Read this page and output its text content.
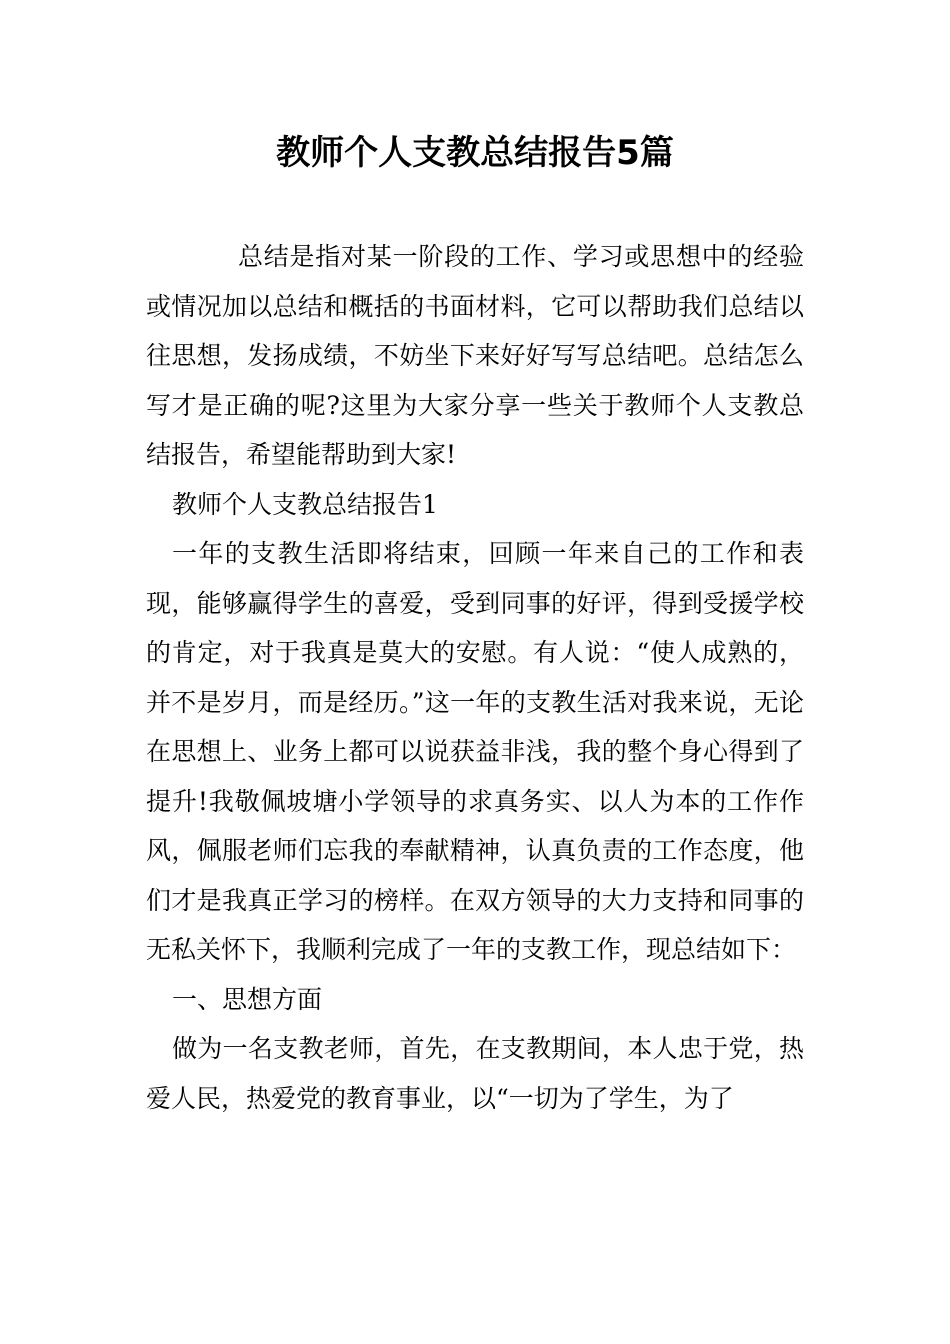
教师个人支教总结报告5篇

总结是指对某一阶段的工作、学习或思想中的经验或情况加以总结和概括的书面材料，它可以帮助我们总结以往思想，发扬成绩，不妨坐下来好好写写总结吧。总结怎么写才是正确的呢?这里为大家分享一些关于教师个人支教总结报告，希望能帮助到大家!

教师个人支教总结报告1

一年的支教生活即将结束，回顾一年来自己的工作和表现，能够赢得学生的喜爱，受到同事的好评，得到受援学校的肯定，对于我真是莫大的安慰。有人说：“使人成熟的，并不是岁月，而是经历。”这一年的支教生活对我来说，无论在思想上、业务上都可以说获益非浅，我的整个身心得到了提升!我敬佩坡塘小学领导的求真务实、以人为本的工作作风，佩服老师们忘我的奉献精神，认真负责的工作态度，他们才是我真正学习的榜样。在双方领导的大力支持和同事的无私关怀下，我顺利完成了一年的支教工作，现总结如下：

一、思想方面

做为一名支教老师，首先，在支教期间，本人忠于党，热爱人民，热爱党的教育事业，以“一切为了学生，为了
